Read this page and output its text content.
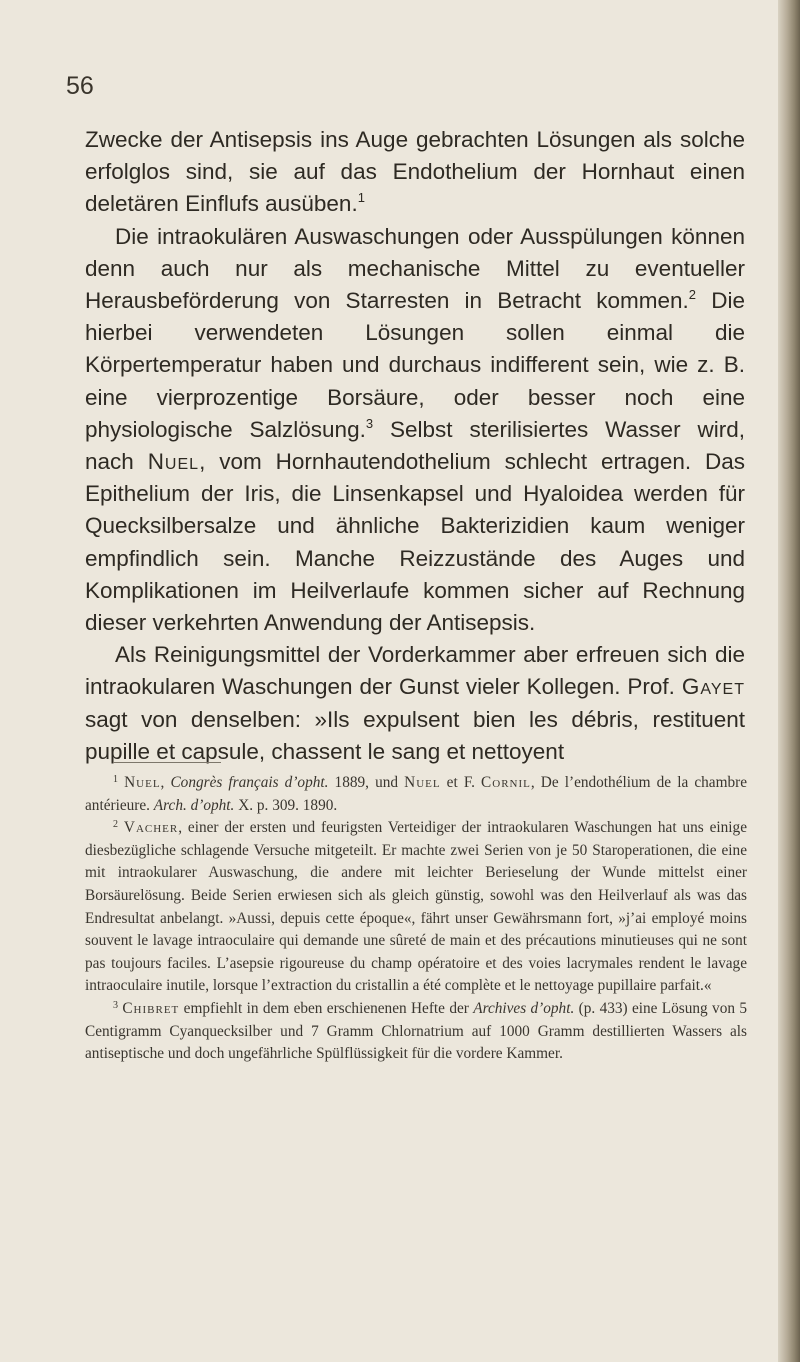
56

Zwecke der Antisepsis ins Auge gebrachten Lösungen als solche erfolglos sind, sie auf das Endothelium der Hornhaut einen deletären Einflufs ausüben.$^1$

Die intraokulären Auswaschungen oder Ausspülungen können denn auch nur als mechanische Mittel zu eventueller Herausbeförderung von Starresten in Betracht kommen.$^2$ Die hierbei verwendeten Lösungen sollen einmal die Körpertemperatur haben und durchaus indifferent sein, wie z. B. eine vierprozentige Borsäure, oder besser noch eine physiologische Salzlösung.$^3$ Selbst sterilisiertes Wasser wird, nach Nuel, vom Hornhautendothelium schlecht ertragen. Das Epithelium der Iris, die Linsenkapsel und Hyaloidea werden für Quecksilbersalze und ähnliche Bakterizidien kaum weniger empfindlich sein. Manche Reizzustände des Auges und Komplikationen im Heilverlaufe kommen sicher auf Rechnung dieser verkehrten Anwendung der Antisepsis.

Als Reinigungsmittel der Vorderkammer aber erfreuen sich die intraokularen Waschungen der Gunst vieler Kollegen. Prof. Gayet sagt von denselben: »Ils expulsent bien les débris, restituent pupille et capsule, chassent le sang et nettoyent

$^1$ Nuel, Congrès français d’opht. 1889, und Nuel et F. Cornil, De l’endothélium de la chambre antérieure. Arch. d’opht. X. p. 309. 1890.

$^2$ Vacher, einer der ersten und feurigsten Verteidiger der intraokularen Waschungen hat uns einige diesbezügliche schlagende Versuche mitgeteilt. Er machte zwei Serien von je 50 Staroperationen, die eine mit intraokularer Auswaschung, die andere mit leichter Berieselung der Wunde mittelst einer Borsäurelösung. Beide Serien erwiesen sich als gleich günstig, sowohl was den Heilverlauf als was das Endresultat anbelangt. »Aussi, depuis cette époque«, fährt unser Gewährsmann fort, »j’ai employé moins souvent le lavage intraoculaire qui demande une sûreté de main et des précautions minutieuses qui ne sont pas toujours faciles. L’asepsie rigoureuse du champ opératoire et des voies lacrymales rendent le lavage intraoculaire inutile, lorsque l’extraction du cristallin a été complète et le nettoyage pupillaire parfait.«

$^3$ Chibret empfiehlt in dem eben erschienenen Hefte der Archives d’opht. (p. 433) eine Lösung von 5 Centigramm Cyanquecksilber und 7 Gramm Chlornatrium auf 1000 Gramm destillierten Wassers als antiseptische und doch ungefährliche Spülflüssigkeit für die vordere Kammer.
